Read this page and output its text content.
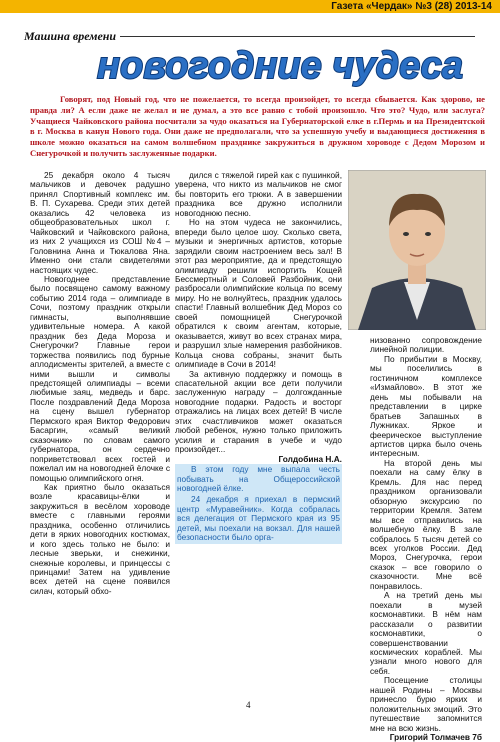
Газета «Чердак» №3 (28) 2013-14
Машина времени
новогодние чудеса
Говорят, под Новый год, что не пожелается, то всегда произойдет, то всегда сбывается. Как здорово, не правда ли? А если даже не желал и не думал, а это все равно с тобой произошло. Что это? Чудо, или заслуга? Учащиеся Чайковского района посчитали за чудо оказаться на Губернаторской елке в г.Пермь и на Президентской в г. Москва в канун Нового года. Они даже не предполагали, что за успешную учебу и выдающиеся достижения в школе можно оказаться на самом волшебном празднике закружиться в дружном хороводе с Дедом Морозом и Снегурочкой и получить заслуженные подарки.

25 декабря около 4 тысяч мальчиков и девочек радушно принял Спортивный комплекс им. В. П. Сухарева. Среди этих детей оказались 42 человека из общеобразовательных школ г. Чайковский и Чайковского района, из них 2 учащихся из СОШ №4 – Головнина Анна и Тюкалова Яна. Именно они стали свидетелями настоящих чудес.

Новогоднее представление было посвящено самому важному событию 2014 года – олимпиаде в Сочи, поэтому праздник открыли гимнасты, выполнявшие удивительные номера. А какой праздник без Деда Мороза и Снегурочки? Главные герои торжества появились под бурные аплодисменты зрителей, а вместе с ними вышли и символы предстоящей олимпиады – всеми любимые заяц, медведь и барс. После поздравлений Деда Мороза на сцену вышел губернатор Пермского края Виктор Федорович Басаргин, «самый великий сказочник» по словам самого губернатора, он сердечно поприветствовал всех гостей и пожелал им на новогодней ёлочке с помощью олимпийского огня.

Как приятно было оказаться возле красавицы-ёлки и закружиться в весёлом хороводе вместе с главными героями праздника, особенно отличились дети в ярких новогодних костюмах, и кого здесь только не было: и лесные зверьки, и снежинки, снежные королевы, и принцессы с принцами! Затем на удивление всех детей на сцене появился силач, который обхо-

дился с тяжелой гирей как с пушинкой, уверена, что никто из мальчиков не смог бы повторить его трюки. А в завершении праздника все дружно исполнили новогоднюю песню.

Но на этом чудеса не закончились, впереди было целое шоу. Сколько света, музыки и энергичных артистов, которые зарядили своим настроением весь зал! В этот раз мероприятие, да и предстоящую олимпиаду решили испортить Кощей Бессмертный и Соловей Разбойник, они разбросали олимпийские кольца по всему миру. Но не волнуйтесь, праздник удалось спасти! Главный волшебник Дед Мороз со своей помощницей Снегурочкой обратился к своим агентам, которые, оказывается, живут во всех странах мира, и разрушил злые намерения разбойников. Кольца снова собраны, значит быть олимпиаде в Сочи в 2014!

За активную поддержку и помощь в спасательной акции все дети получили заслуженную награду – долгожданные новогодние подарки. Радость и восторг отражались на лицах всех детей! В числе этих счастливчиков может оказаться любой ребенок, нужно только приложить усилия и старания в учебе и чудо произойдет...

Голдобина Н.А.

В этом году мне выпала честь побывать на Общероссийской новогодней ёлке.

24 декабря я приехал в пермский центр «Муравейник». Когда собралась вся делегация от Пермского края из 95 детей, мы поехали на вокзал. Для нашей безопасности было орга-

низованно сопровождение линейной полиции.

По прибытии в Москву, мы поселились в гостиничном комплексе «Измайлово». В этот же день мы побывали на представлении в цирке братьев Запашных в Лужниках. Яркое и феерическое выступление артистов цирка было очень интересным.

На второй день мы поехали на саму ёлку в Кремль. Для нас перед праздником организовали обзорную экскурсию по территории Кремля. Затем мы все отправились на волшебную ёлку. В зале собралось 5 тысяч детей со всех уголков России. Дед Мороз, Снегурочка, герои сказок – все говорило о сказочности. Мне всё понравилось.

А на третий день мы поехали в музей космонавтики. В нём нам рассказали о развитии космонавтики, о совершенствовании космических кораблей. Мы узнали много нового для себя.

Посещение столицы нашей Родины – Москвы принесло бурю ярких и положительных эмоций. Это путешествие запомнится мне на всю жизнь.

Григорий Толмачев 7б

4
